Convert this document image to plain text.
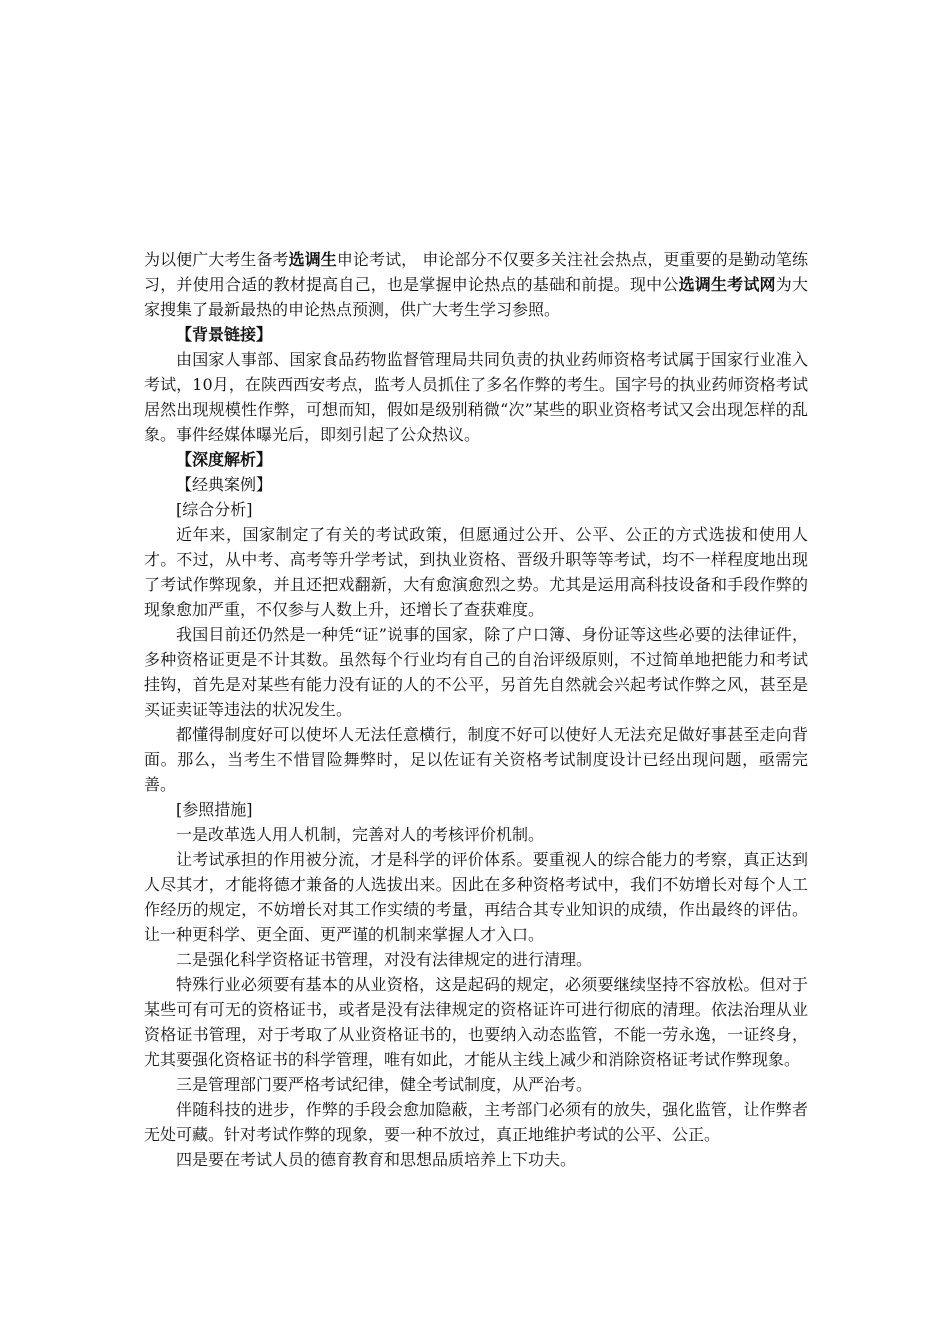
为以便广大考生备考选调生申论考试， 申论部分不仅要多关注社会热点，更重要的是勤动笔练习，并使用合适的教材提高自己，也是掌握申论热点的基础和前提。现中公选调生考试网为大家搜集了最新最热的申论热点预测，供广大考生学习参照。

【背景链接】

由国家人事部、国家食品药物监督管理局共同负责的执业药师资格考试属于国家行业准入考试，10月，在陕西西安考点，监考人员抓住了多名作弊的考生。国字号的执业药师资格考试居然出现规模性作弊，可想而知，假如是级别稍微“次”某些的职业资格考试又会出现怎样的乱象。事件经媒体曝光后，即刻引起了公众热议。

【深度解析】

【经典案例】

[综合分析]

近年来，国家制定了有关的考试政策，但愿通过公开、公平、公正的方式选拔和使用人才。不过，从中考、高考等升学考试，到执业资格、晋级升职等等考试，均不一样程度地出现了考试作弊现象，并且还把戏翻新，大有愈演愈烈之势。尤其是运用高科技设备和手段作弊的现象愈加严重，不仅参与人数上升，还增长了查获难度。

我国目前还仍然是一种凭“证”说事的国家，除了户口簿、身份证等这些必要的法律证件，多种资格证更是不计其数。虽然每个行业均有自己的自治评级原则，不过简单地把能力和考试挂钩，首先是对某些有能力没有证的人的不公平，另首先自然就会兴起考试作弊之风，甚至是买证卖证等违法的状况发生。

都懂得制度好可以使坏人无法任意横行，制度不好可以使好人无法充足做好事甚至走向背面。那么，当考生不惜冒险舞弊时，足以佐证有关资格考试制度设计已经出现问题，亟需完善。

[参照措施]

一是改革选人用人机制，完善对人的考核评价机制。

让考试承担的作用被分流，才是科学的评价体系。要重视人的综合能力的考察，真正达到人尽其才，才能将德才兼备的人选拔出来。因此在多种资格考试中，我们不妨增长对每个人工作经历的规定，不妨增长对其工作实绩的考量，再结合其专业知识的成绩，作出最终的评估。让一种更科学、更全面、更严谨的机制来掌握人才入口。

二是强化科学资格证书管理，对没有法律规定的进行清理。

特殊行业必须要有基本的从业资格，这是起码的规定，必须要继续坚持不容放松。但对于某些可有可无的资格证书，或者是没有法律规定的资格证许可进行彻底的清理。依法治理从业资格证书管理，对于考取了从业资格证书的，也要纳入动态监管，不能一劳永逸，一证终身，尤其要强化资格证书的科学管理，唯有如此，才能从主线上减少和消除资格证考试作弊现象。

三是管理部门要严格考试纪律，健全考试制度，从严治考。

伴随科技的进步，作弊的手段会愈加隐蔽，主考部门必须有的放失，强化监管，让作弊者无处可藏。针对考试作弊的现象，要一种不放过，真正地维护考试的公平、公正。

四是要在考试人员的德育教育和思想品质培养上下功夫。
